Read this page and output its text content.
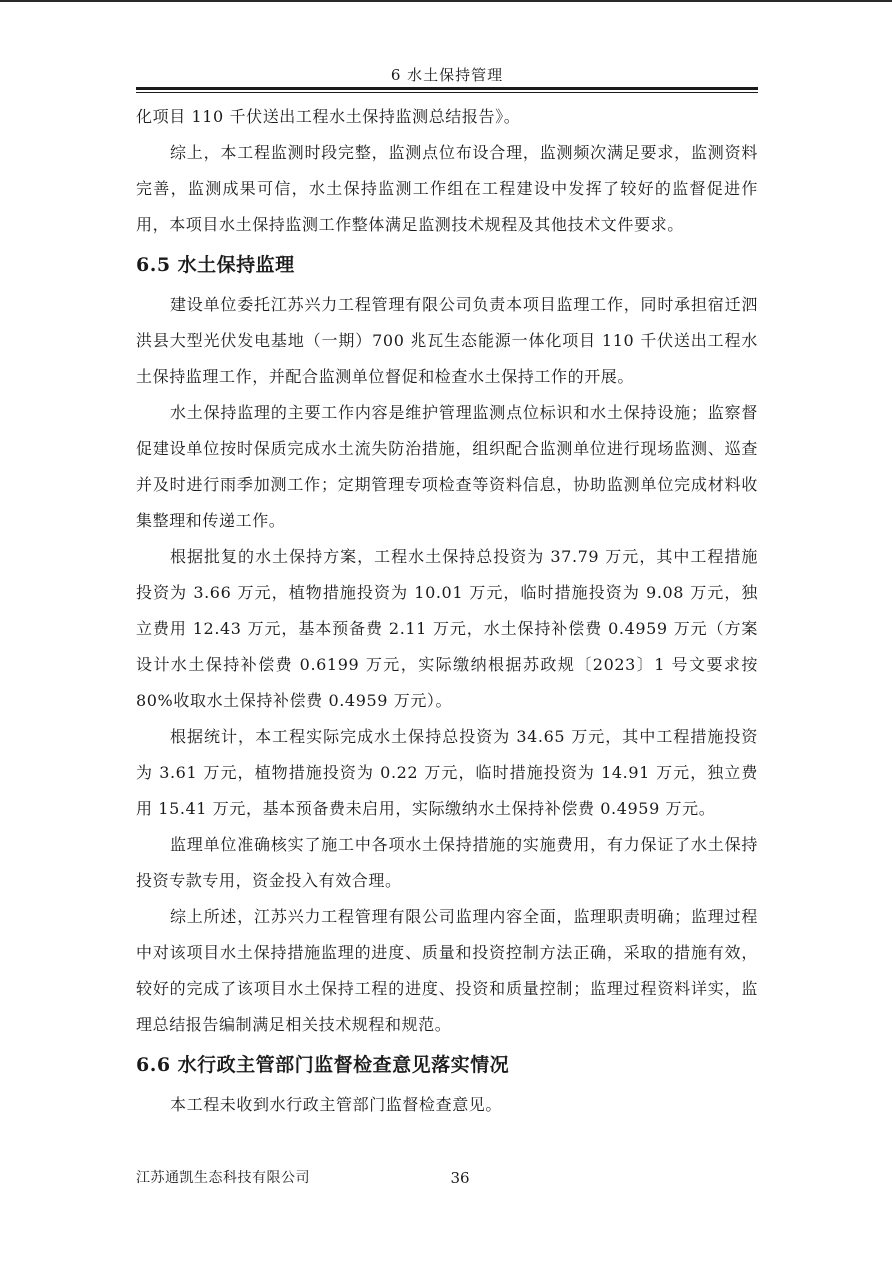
6 水土保持管理

化项目 110 千伏送出工程水土保持监测总结报告》。

综上，本工程监测时段完整，监测点位布设合理，监测频次满足要求，监测资料完善，监测成果可信，水土保持监测工作组在工程建设中发挥了较好的监督促进作用，本项目水土保持监测工作整体满足监测技术规程及其他技术文件要求。

6.5 水土保持监理

建设单位委托江苏兴力工程管理有限公司负责本项目监理工作，同时承担宿迁泗洪县大型光伏发电基地（一期）700 兆瓦生态能源一体化项目 110 千伏送出工程水土保持监理工作，并配合监测单位督促和检查水土保持工作的开展。

水土保持监理的主要工作内容是维护管理监测点位标识和水土保持设施；监察督促建设单位按时保质完成水土流失防治措施，组织配合监测单位进行现场监测、巡查并及时进行雨季加测工作；定期管理专项检查等资料信息，协助监测单位完成材料收集整理和传递工作。

根据批复的水土保持方案，工程水土保持总投资为 37.79 万元，其中工程措施投资为 3.66 万元，植物措施投资为 10.01 万元，临时措施投资为 9.08 万元，独立费用 12.43 万元，基本预备费 2.11 万元，水土保持补偿费 0.4959 万元（方案设计水土保持补偿费 0.6199 万元，实际缴纳根据苏政规〔2023〕1 号文要求按 80%收取水土保持补偿费 0.4959 万元）。

根据统计，本工程实际完成水土保持总投资为 34.65 万元，其中工程措施投资为 3.61 万元，植物措施投资为 0.22 万元，临时措施投资为 14.91 万元，独立费用 15.41 万元，基本预备费未启用，实际缴纳水土保持补偿费 0.4959 万元。

监理单位准确核实了施工中各项水土保持措施的实施费用，有力保证了水土保持投资专款专用，资金投入有效合理。

综上所述，江苏兴力工程管理有限公司监理内容全面，监理职责明确；监理过程中对该项目水土保持措施监理的进度、质量和投资控制方法正确，采取的措施有效，较好的完成了该项目水土保持工程的进度、投资和质量控制；监理过程资料详实，监理总结报告编制满足相关技术规程和规范。

6.6 水行政主管部门监督检查意见落实情况

本工程未收到水行政主管部门监督检查意见。

江苏通凯生态科技有限公司	36
